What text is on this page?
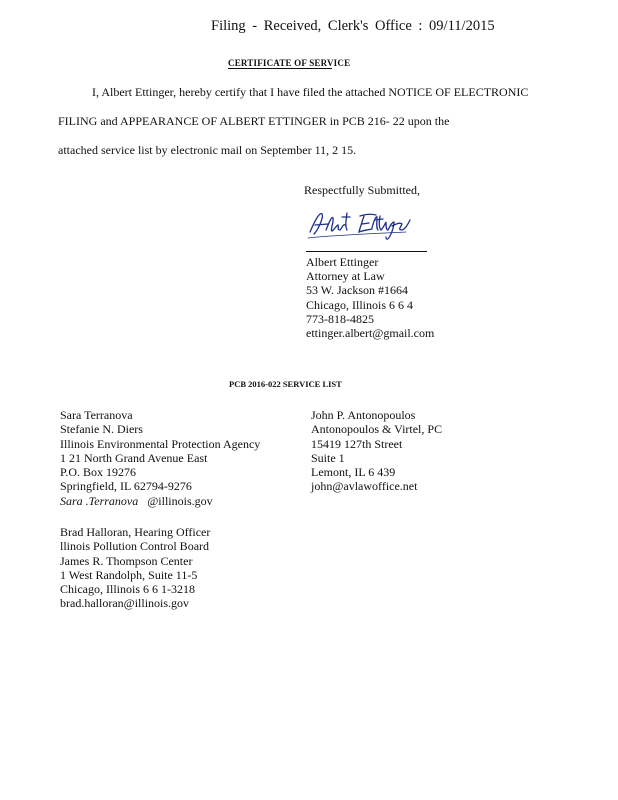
Filing - Received, Clerk's Office : 09/11/2015
CERTIFICATE OF SERVICE
I, Albert Ettinger, hereby certify that I have filed the attached NOTICE OF ELECTRONIC
FILING and APPEARANCE OF ALBERT ETTINGER in PCB 216- 22 upon the
attached service list by electronic mail on September 11, 2 15.
Respectfully Submitted,
Albert Ettinger
Attorney at Law
53 W. Jackson #1664
Chicago, Illinois 6 6 4
773-818-4825
ettinger.albert@gmail.com
PCB 2016-022 SERVICE LIST
Sara Terranova
Stefanie N. Diers
Illinois Environmental Protection Agency
1 21 North Grand Avenue East
P.O. Box 19276
Springfield, IL 62794-9276
Sara .Terranova @illinois.gov
John P. Antonopoulos
Antonopoulos & Virtel, PC
15419 127th Street
Suite 1
Lemont, IL 6 439
john@avlawoffice.net
Brad Halloran, Hearing Officer
llinois Pollution Control Board
James R. Thompson Center
1 West Randolph, Suite 11-5
Chicago, Illinois 6 6 1-3218
brad.halloran@illinois.gov
